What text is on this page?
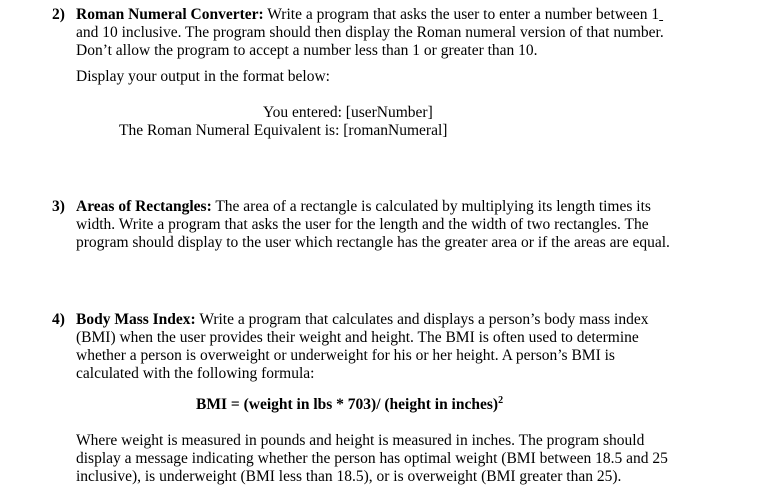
2) Roman Numeral Converter: Write a program that asks the user to enter a number between 1
and 10 inclusive. The program should then display the Roman numeral version of that number.
Don’t allow the program to accept a number less than 1 or greater than 10.
Display your output in the format below:
You entered: [userNumber]
The Roman Numeral Equivalent is: [romanNumeral]
3) Areas of Rectangles: The area of a rectangle is calculated by multiplying its length times its
width. Write a program that asks the user for the length and the width of two rectangles. The
program should display to the user which rectangle has the greater area or if the areas are equal.
4) Body Mass Index: Write a program that calculates and displays a person’s body mass index
(BMI) when the user provides their weight and height. The BMI is often used to determine
whether a person is overweight or underweight for his or her height. A person’s BMI is
calculated with the following formula:
BMI = (weight in lbs * 703)/ (height in inches)$^2$
Where weight is measured in pounds and height is measured in inches. The program should
display a message indicating whether the person has optimal weight (BMI between 18.5 and 25
inclusive), is underweight (BMI less than 18.5), or is overweight (BMI greater than 25).
